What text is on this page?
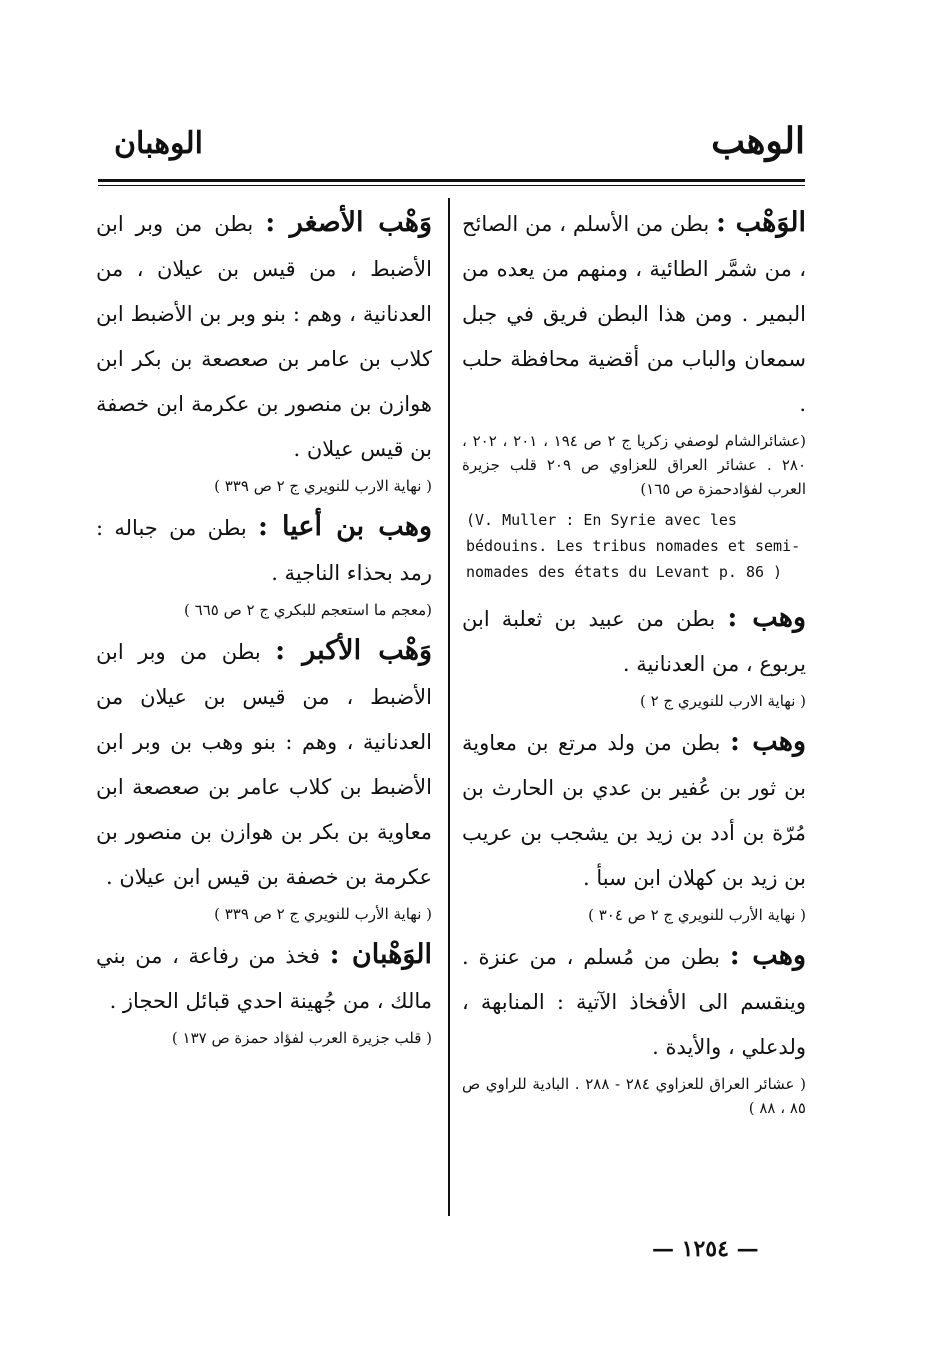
الوهب
الوهبان

الوَهْب : بطن من الأسلم ، من الصائح ، من شمَّر الطائية ، ومنهم من يعده من البمير . ومن هذا البطن فريق في جبل سمعان والباب من أقضية محافظة حلب .

(عشائرالشام لوصفي زكريا ج ٢ ص ١٩٤ ، ٢٠١ ، ٢٠٢ ، ٢٨٠ . عشائر العراق للعزاوي ص ٢٠٩ قلب جزيرة العرب لفؤادحمزة ص ١٦٥)

(V. Muller : En Syrie avec les bédouins. Les tribus nomades et semi- nomades des états du Levant p. 86 )

وهب : بطن من عبيد بن ثعلبة ابن يربوع ، من العدنانية .

( نهاية الارب للنويري ج ٢ )

وهب : بطن من ولد مرتع بن معاوية بن ثور بن عُفير بن عدي بن الحارث بن مُرّة بن أدد بن زيد بن يشجب بن عريب بن زيد بن كهلان ابن سبأ .

( نهاية الأرب للنويري ج ٢ ص ٣٠٤ )

وهب : بطن من مُسلم ، من عنزة . وينقسم الى الأفخاذ الآتية : المنابهة ، ولدعلي ، والأيدة .

( عشائر العراق للعزاوي ٢٨٤ - ٢٨٨ . البادية للراوي ص ٨٥ ، ٨٨ )

وَهْب الأصغر : بطن من وبر ابن الأضبط ، من قيس بن عيلان ، من العدنانية ، وهم : بنو وبر بن الأضبط ابن كلاب بن عامر بن صعصعة بن بكر ابن هوازن بن منصور بن عكرمة ابن خصفة بن قيس عيلان .

( نهاية الارب للنويري ج ٢ ص ٣٣٩ )

وهب بن أعيا : بطن من جباله : رمد بحذاء الناجية .

(معجم ما استعجم للبكري ج ٢ ص ٦٦٥ )

وَهْب الأكبر : بطن من وبر ابن الأضبط ، من قيس بن عيلان من العدنانية ، وهم : بنو وهب بن وبر ابن الأضبط بن كلاب عامر بن صعصعة ابن معاوية بن بكر بن هوازن بن منصور بن عكرمة بن خصفة بن قيس ابن عيلان .

( نهاية الأرب للنويري ج ٢ ص ٣٣٩ )

الوَهْبان : فخذ من رفاعة ، من بني مالك ، من جُهينة احدي قبائل الحجاز .

( قلب جزيرة العرب لفؤاد حمزة ص ١٣٧ )

— ١٢٥٤ —
